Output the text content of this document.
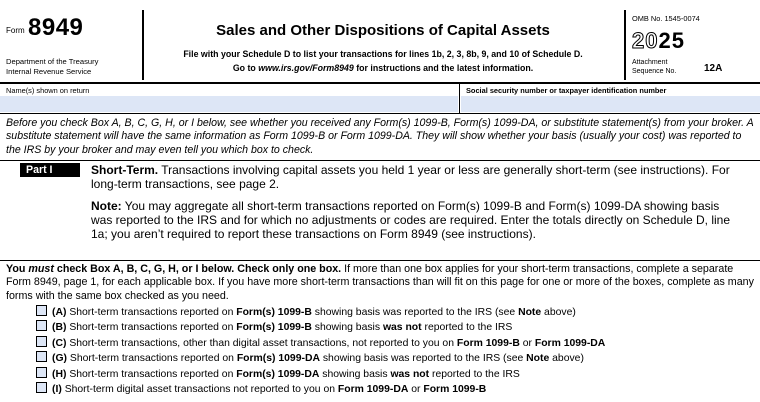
Form 8949
Department of the Treasury
Internal Revenue Service
Sales and Other Dispositions of Capital Assets
File with your Schedule D to list your transactions for lines 1b, 2, 3, 8b, 9, and 10 of Schedule D.
Go to www.irs.gov/Form8949 for instructions and the latest information.
OMB No. 1545-0074
2025
Attachment
Sequence No.	12A
Name(s) shown on return	Social security number or taxpayer identification number
Before you check Box A, B, C, G, H, or I below, see whether you received any Form(s) 1099-B, Form(s) 1099-DA, or substitute statement(s) from your broker. A substitute statement will have the same information as Form 1099-B or Form 1099-DA. They will show whether your basis (usually your cost) was reported to the IRS by your broker and may even tell you which box to check.
Part I	Short-Term. Transactions involving capital assets you held 1 year or less are generally short-term (see instructions). For long-term transactions, see page 2.
Note: You may aggregate all short-term transactions reported on Form(s) 1099-B and Form(s) 1099-DA showing basis was reported to the IRS and for which no adjustments or codes are required. Enter the totals directly on Schedule D, line 1a; you aren’t required to report these transactions on Form 8949 (see instructions).
You must check Box A, B, C, G, H, or I below. Check only one box. If more than one box applies for your short-term transactions, complete a separate Form 8949, page 1, for each applicable box. If you have more short-term transactions than will fit on this page for one or more of the boxes, complete as many forms with the same box checked as you need.
(A) Short-term transactions reported on Form(s) 1099-B showing basis was reported to the IRS (see Note above)
(B) Short-term transactions reported on Form(s) 1099-B showing basis was not reported to the IRS
(C) Short-term transactions, other than digital asset transactions, not reported to you on Form 1099-B or Form 1099-DA
(G) Short-term transactions reported on Form(s) 1099-DA showing basis was reported to the IRS (see Note above)
(H) Short-term transactions reported on Form(s) 1099-DA showing basis was not reported to the IRS
(I) Short-term digital asset transactions not reported to you on Form 1099-DA or Form 1099-B
